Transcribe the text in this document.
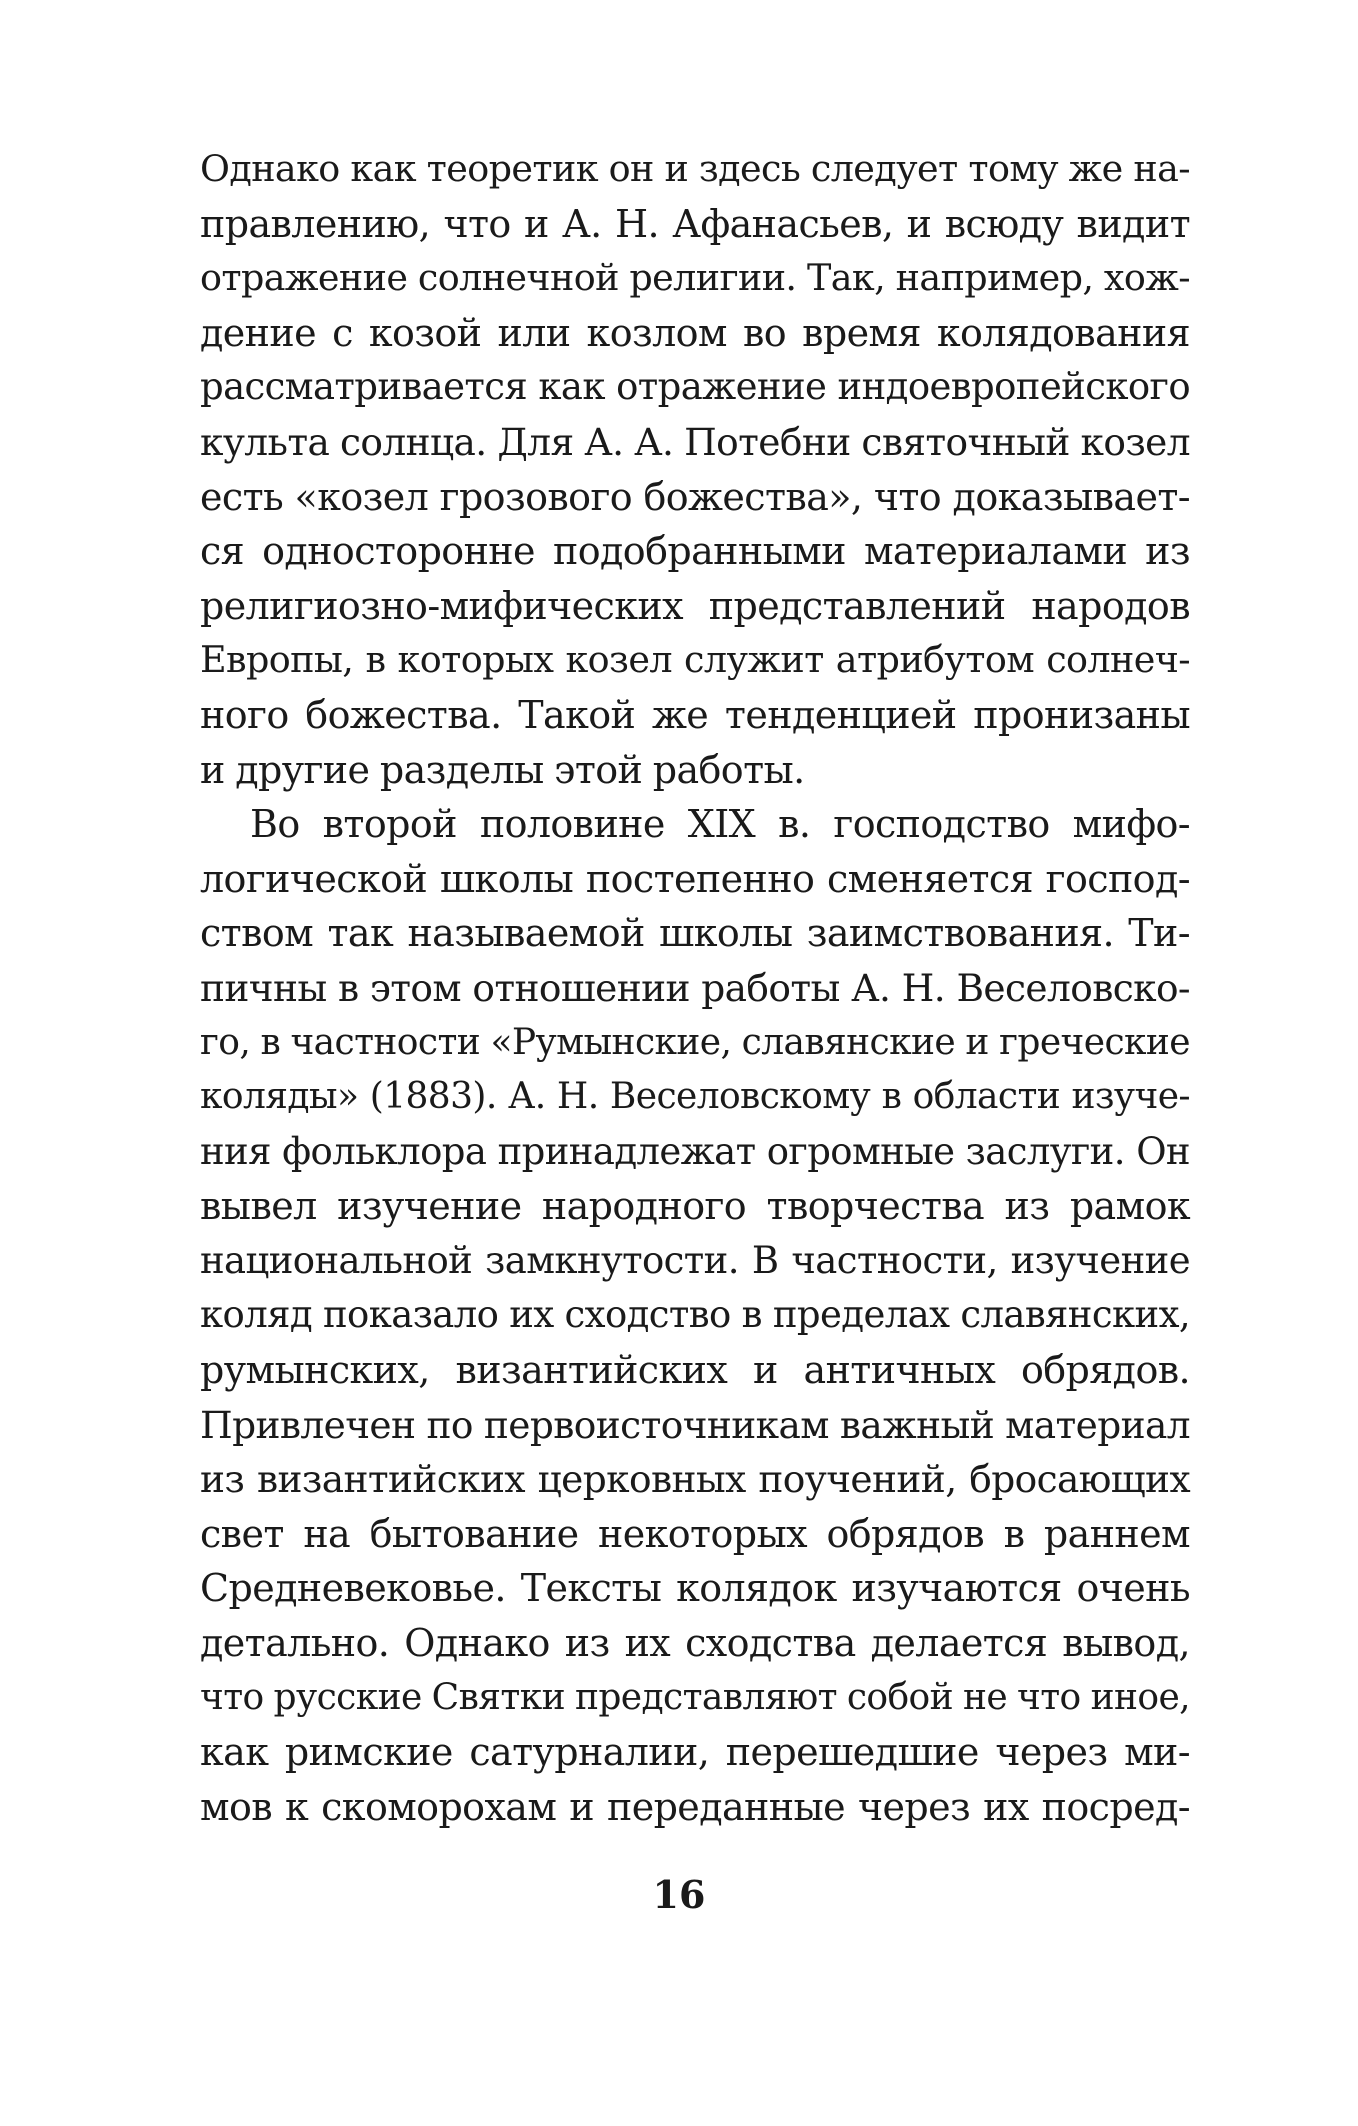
Однако как теоретик он и здесь следует тому же на-
правлению, что и А. Н. Афанасьев, и всюду видит
отражение солнечной религии. Так, например, хож-
дение с козой или козлом во время колядования
рассматривается как отражение индоевропейского
культа солнца. Для А. А. Потебни святочный козел
есть «козел грозового божества», что доказывает-
ся односторонне подобранными материалами из
религиозно-мифических представлений народов
Европы, в которых козел служит атрибутом солнеч-
ного божества. Такой же тенденцией пронизаны
и другие разделы этой работы.
Во второй половине XIX в. господство мифо-
логической школы постепенно сменяется господ-
ством так называемой школы заимствования. Ти-
пичны в этом отношении работы А. Н. Веселовско-
го, в частности «Румынские, славянские и греческие
коляды» (1883). А. Н. Веселовскому в области изуче-
ния фольклора принадлежат огромные заслуги. Он
вывел изучение народного творчества из рамок
национальной замкнутости. В частности, изучение
коляд показало их сходство в пределах славянских,
румынских, византийских и античных обрядов.
Привлечен по первоисточникам важный материал
из византийских церковных поучений, бросающих
свет на бытование некоторых обрядов в раннем
Средневековье. Тексты колядок изучаются очень
детально. Однако из их сходства делается вывод,
что русские Святки представляют собой не что иное,
как римские сатурналии, перешедшие через ми-
мов к скоморохам и переданные через их посред-
16
